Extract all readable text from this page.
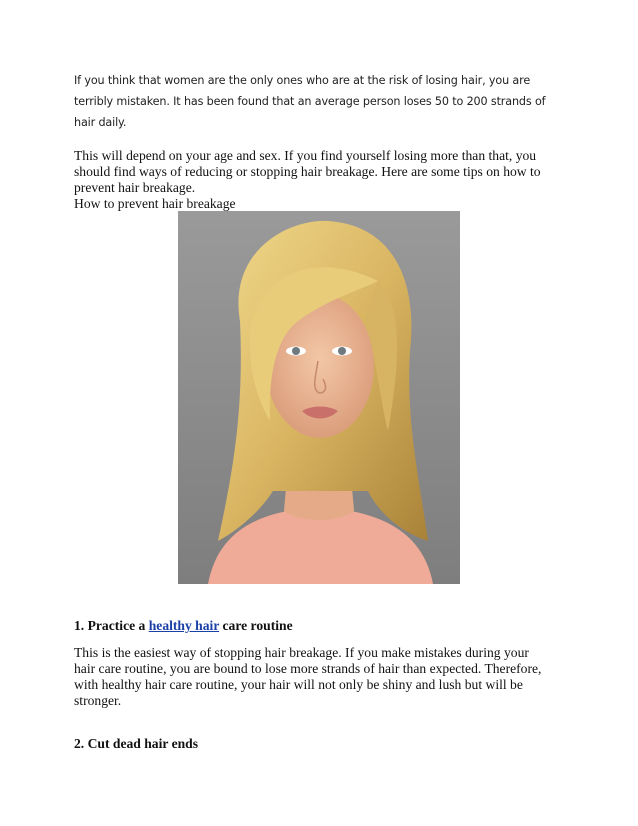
If you think that women are the only ones who are at the risk of losing hair, you are
terribly mistaken. It has been found that an average person loses 50 to 200 strands of
hair daily.

This will depend on your age and sex. If you find yourself losing more than that, you
should find ways of reducing or stopping hair breakage. Here are some tips on how to
prevent hair breakage.
How to prevent hair breakage

1. Practice a healthy hair care routine

This is the easiest way of stopping hair breakage. If you make mistakes during your
hair care routine, you are bound to lose more strands of hair than expected. Therefore,
with healthy hair care routine, your hair will not only be shiny and lush but will be
stronger.

2. Cut dead hair ends
